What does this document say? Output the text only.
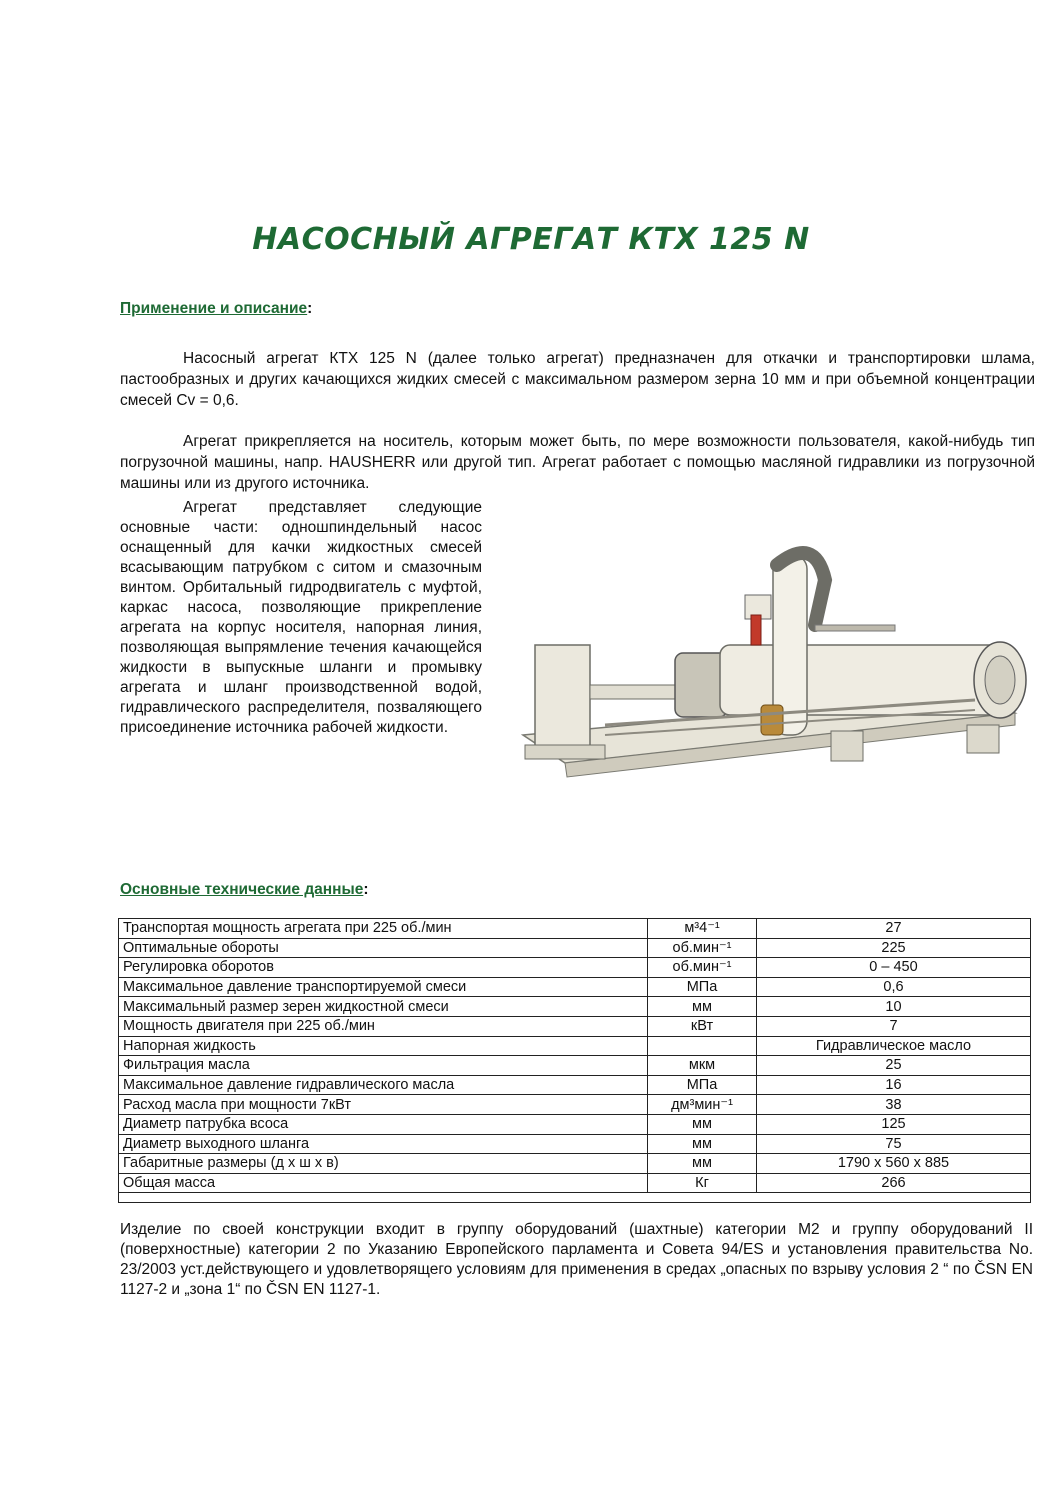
НАСОСНЫЙ АГРЕГАТ КТХ 125 N
Применение и описание:
Насосный агрегат КТХ 125 N (далее только агрегат) предназначен для откачки и транспортировки шлама, пастообразных и других качающихся жидких смесей с максимальном размером зерна 10 мм и при объемной концентрации смесей Cv = 0,6.
Агрегат прикрепляется на носитель, которым может быть, по мере возможности пользователя, какой-нибудь тип погрузочной машины, напр. HAUSHERR или другой тип. Агрегат работает с помощью масляной гидравлики из погрузочной машины или из другого источника.
Агрегат представляет следующие основные части: одношпиндельный насос оснащенный для качки жидкостных смесей всасывающим патрубком с ситом и смазочным винтом. Орбитальный гидродвигатель с муфтой, каркас насоса, позволяющие прикрепление агрегата на корпус носителя, напорная линия, позволяющая выпрямление течения качающейся жидкости в выпускные шланги и промывку агрегата и шланг производственной водой, гидравлического распределителя, позваляющего присоединение источника рабочей жидкости.
Основные технические данные:
Транспортая мощность агрегата при 225 об./мин	м³4⁻¹	27
Оптимальные обороты	об.мин⁻¹	225
Регулировка оборотов	об.мин⁻¹	0 – 450
Максимальное давление транспортируемой смеси	МПа	0,6
Максимальный размер зерен жидкостной смеси	мм	10
Мощность двигателя при 225 об./мин	кВт	7
Напорная жидкость		Гидравлическое масло
Фильтрация масла	мкм	25
Максимальное давление гидравлического масла	МПа	16
Расход масла при мощности 7кВт	дм³мин⁻¹	38
Диаметр патрубка всоса	мм	125
Диаметр выходного шланга	мм	75
Габаритные размеры (д х ш х в)	мм	1790 х 560 х 885
Общая масса	Кг	266
Изделие по своей конструкции входит в группу оборудований (шахтные) категории M2 и группу оборудований II (поверхностные) категории 2 по Указанию Европейского парламента и Совета 94/ES и установления правительства No. 23/2003 уст.действующего и удовлетворящего условиям для применения в средах „опасных по взрыву условия 2 “ по ČSN EN 1127-2 и „зона 1“ по ČSN EN 1127-1.
